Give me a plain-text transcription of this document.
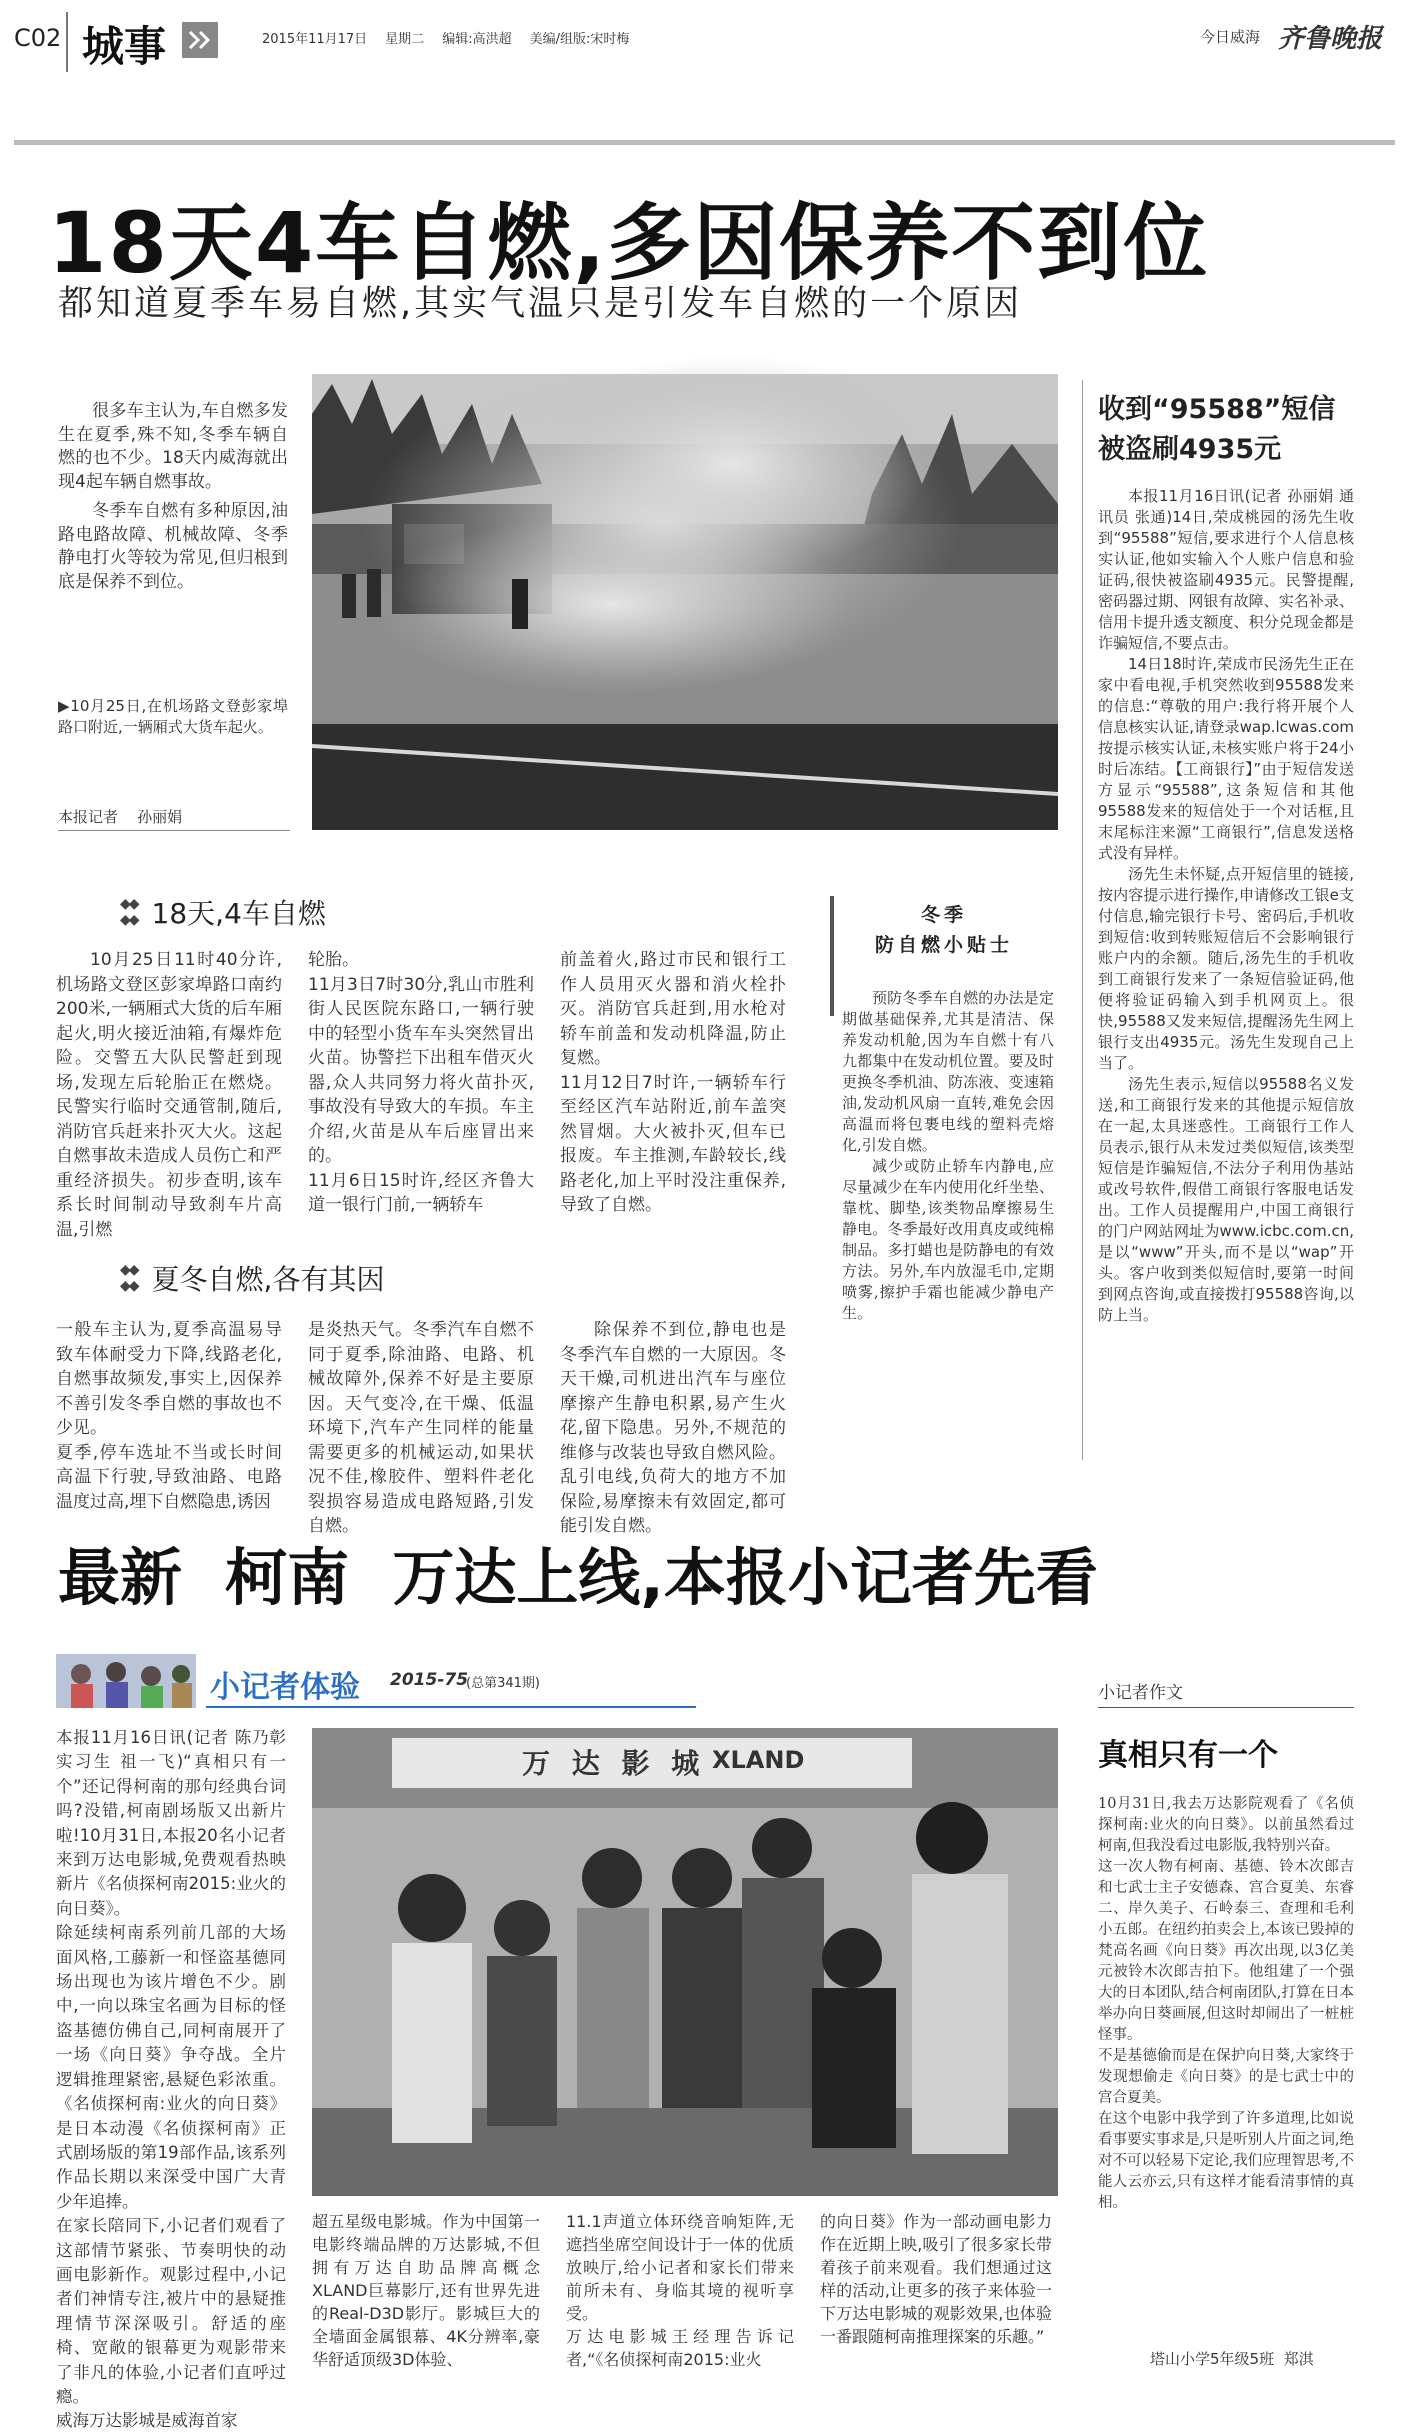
C02 城事	2015年11月17日 星期二 编辑:高洪超 美编/组版:宋时梅	今日威海 齐鲁晚报
18天4车自燃,多因保养不到位
都知道夏季车易自燃,其实气温只是引发车自燃的一个原因

很多车主认为,车自燃多发生在夏季,殊不知,冬季车辆自燃的也不少。18天内威海就出现4起车辆自燃事故。

冬季车自燃有多种原因,油路电路故障、机械故障、冬季静电打火等较为常见,但归根到底是保养不到位。

▶10月25日,在机场路文登彭家埠路口附近,一辆厢式大货车起火。
本报记者    孙丽娟
◆◆
◆◆ 18天,4车自燃

10月25日11时40分许,机场路文登区彭家埠路口南约200米,一辆厢式大货的后车厢起火,明火接近油箱,有爆炸危险。交警五大队民警赶到现场,发现左后轮胎正在燃烧。民警实行临时交通管制,随后,消防官兵赶来扑灭大火。这起自燃事故未造成人员伤亡和严重经济损失。初步查明,该车系长时间制动导致刹车片高温,引燃

轮胎。
11月3日7时30分,乳山市胜利街人民医院东路口,一辆行驶中的轻型小货车车头突然冒出火苗。协警拦下出租车借灭火器,众人共同努力将火苗扑灭,事故没有导致大的车损。车主介绍,火苗是从车后座冒出来的。
11月6日15时许,经区齐鲁大道一银行门前,一辆轿车

前盖着火,路过市民和银行工作人员用灭火器和消火栓扑灭。消防官兵赶到,用水枪对轿车前盖和发动机降温,防止复燃。
11月12日7时许,一辆轿车行至经区汽车站附近,前车盖突然冒烟。大火被扑灭,但车已报废。车主推测,车龄较长,线路老化,加上平时没注重保养,导致了自燃。

◆◆
◆◆ 夏冬自燃,各有其因

一般车主认为,夏季高温易导致车体耐受力下降,线路老化,自燃事故频发,事实上,因保养不善引发冬季自燃的事故也不少见。
夏季,停车选址不当或长时间高温下行驶,导致油路、电路温度过高,埋下自燃隐患,诱因

是炎热天气。冬季汽车自燃不同于夏季,除油路、电路、机械故障外,保养不好是主要原因。天气变冷,在干燥、低温环境下,汽车产生同样的能量需要更多的机械运动,如果状况不佳,橡胶件、塑料件老化裂损容易造成电路短路,引发自燃。

除保养不到位,静电也是冬季汽车自燃的一大原因。冬天干燥,司机进出汽车与座位摩擦产生静电积累,易产生火花,留下隐患。另外,不规范的维修与改装也导致自燃风险。乱引电线,负荷大的地方不加保险,易摩擦未有效固定,都可能引发自燃。

冬季
防自燃小贴士

预防冬季车自燃的办法是定期做基础保养,尤其是清洁、保养发动机舱,因为车自燃十有八九都集中在发动机位置。要及时更换冬季机油、防冻液、变速箱油,发动机风扇一直转,难免会因高温而将包裹电线的塑料壳熔化,引发自燃。

减少或防止轿车内静电,应尽量减少在车内使用化纤坐垫、靠枕、脚垫,该类物品摩擦易生静电。冬季最好改用真皮或纯棉制品。多打蜡也是防静电的有效方法。另外,车内放湿毛巾,定期喷雾,擦护手霜也能减少静电产生。

收到“95588”短信
被盗刷4935元

本报11月16日讯(记者 孙丽娟 通讯员 张通)14日,荣成桃园的汤先生收到“95588”短信,要求进行个人信息核实认证,他如实输入个人账户信息和验证码,很快被盗刷4935元。民警提醒,密码器过期、网银有故障、实名补录、信用卡提升透支额度、积分兑现金都是诈骗短信,不要点击。

14日18时许,荣成市民汤先生正在家中看电视,手机突然收到95588发来的信息:“尊敬的用户:我行将开展个人信息核实认证,请登录wap.lcwas.com按提示核实认证,未核实账户将于24小时后冻结。【工商银行】”由于短信发送方显示“95588”,这条短信和其他95588发来的短信处于一个对话框,且末尾标注来源“工商银行”,信息发送格式没有异样。

汤先生未怀疑,点开短信里的链接,按内容提示进行操作,申请修改工银e支付信息,输完银行卡号、密码后,手机收到短信:收到转账短信后不会影响银行账户内的余额。随后,汤先生的手机收到工商银行发来了一条短信验证码,他便将验证码输入到手机网页上。很快,95588又发来短信,提醒汤先生网上银行支出4935元。汤先生发现自己上当了。

汤先生表示,短信以95588名义发送,和工商银行发来的其他提示短信放在一起,太具迷惑性。工商银行工作人员表示,银行从未发过类似短信,该类型短信是诈骗短信,不法分子利用伪基站或改号软件,假借工商银行客服电话发出。工作人员提醒用户,中国工商银行的门户网站网址为www.icbc.com.cn,是以“www”开头,而不是以“wap”开头。客户收到类似短信时,要第一时间到网点咨询,或直接拨打95588咨询,以防上当。

最新  柯南  万达上线,本报小记者先看
小记者体验 2015-75
(总第341期)

本报11月16日讯(记者 陈乃彰 实习生 祖一飞)“真相只有一个”还记得柯南的那句经典台词吗?没错,柯南剧场版又出新片啦!10月31日,本报20名小记者来到万达电影城,免费观看热映新片《名侦探柯南2015:业火的向日葵》。
除延续柯南系列前几部的大场面风格,工藤新一和怪盗基德同场出现也为该片增色不少。剧中,一向以珠宝名画为目标的怪盗基德仿佛自己,同柯南展开了一场《向日葵》争夺战。全片逻辑推理紧密,悬疑色彩浓重。《名侦探柯南:业火的向日葵》是日本动漫《名侦探柯南》正式剧场版的第19部作品,该系列作品长期以来深受中国广大青少年追捧。
在家长陪同下,小记者们观看了这部情节紧张、节奏明快的动画电影新作。观影过程中,小记者们神情专注,被片中的悬疑推理情节深深吸引。舒适的座椅、宽敞的银幕更为观影带来了非凡的体验,小记者们直呼过瘾。
威海万达影城是威海首家

万 达 影 城 XLAND

超五星级电影城。作为中国第一电影终端品牌的万达影城,不但拥有万达自助品牌高概念XLAND巨幕影厅,还有世界先进的Real-D3D影厅。影城巨大的全墙面金属银幕、4K分辨率,豪华舒适顶级3D体验、

11.1声道立体环绕音响矩阵,无遮挡坐席空间设计于一体的优质放映厅,给小记者和家长们带来前所未有、身临其境的视听享受。
万达电影城王经理告诉记者,“《名侦探柯南2015:业火

的向日葵》作为一部动画电影力作在近期上映,吸引了很多家长带着孩子前来观看。我们想通过这样的活动,让更多的孩子来体验一下万达电影城的观影效果,也体验一番跟随柯南推理探案的乐趣。”

小记者作文
真相只有一个
10月31日,我去万达影院观看了《名侦探柯南:业火的向日葵》。以前虽然看过柯南,但我没看过电影版,我特别兴奋。
这一次人物有柯南、基德、铃木次郎吉和七武士主子安德森、宫合夏美、东睿二、岸久美子、石岭泰三、查理和毛利小五郎。在纽约拍卖会上,本该已毁掉的梵高名画《向日葵》再次出现,以3亿美元被铃木次郎吉拍下。他组建了一个强大的日本团队,结合柯南团队,打算在日本举办向日葵画展,但这时却闹出了一桩桩怪事。
不是基德偷而是在保护向日葵,大家终于发现想偷走《向日葵》的是七武士中的宫合夏美。
在这个电影中我学到了许多道理,比如说看事要实事求是,只是听别人片面之词,绝对不可以轻易下定论,我们应理智思考,不能人云亦云,只有这样才能看清事情的真相。
塔山小学5年级5班  郑淇
